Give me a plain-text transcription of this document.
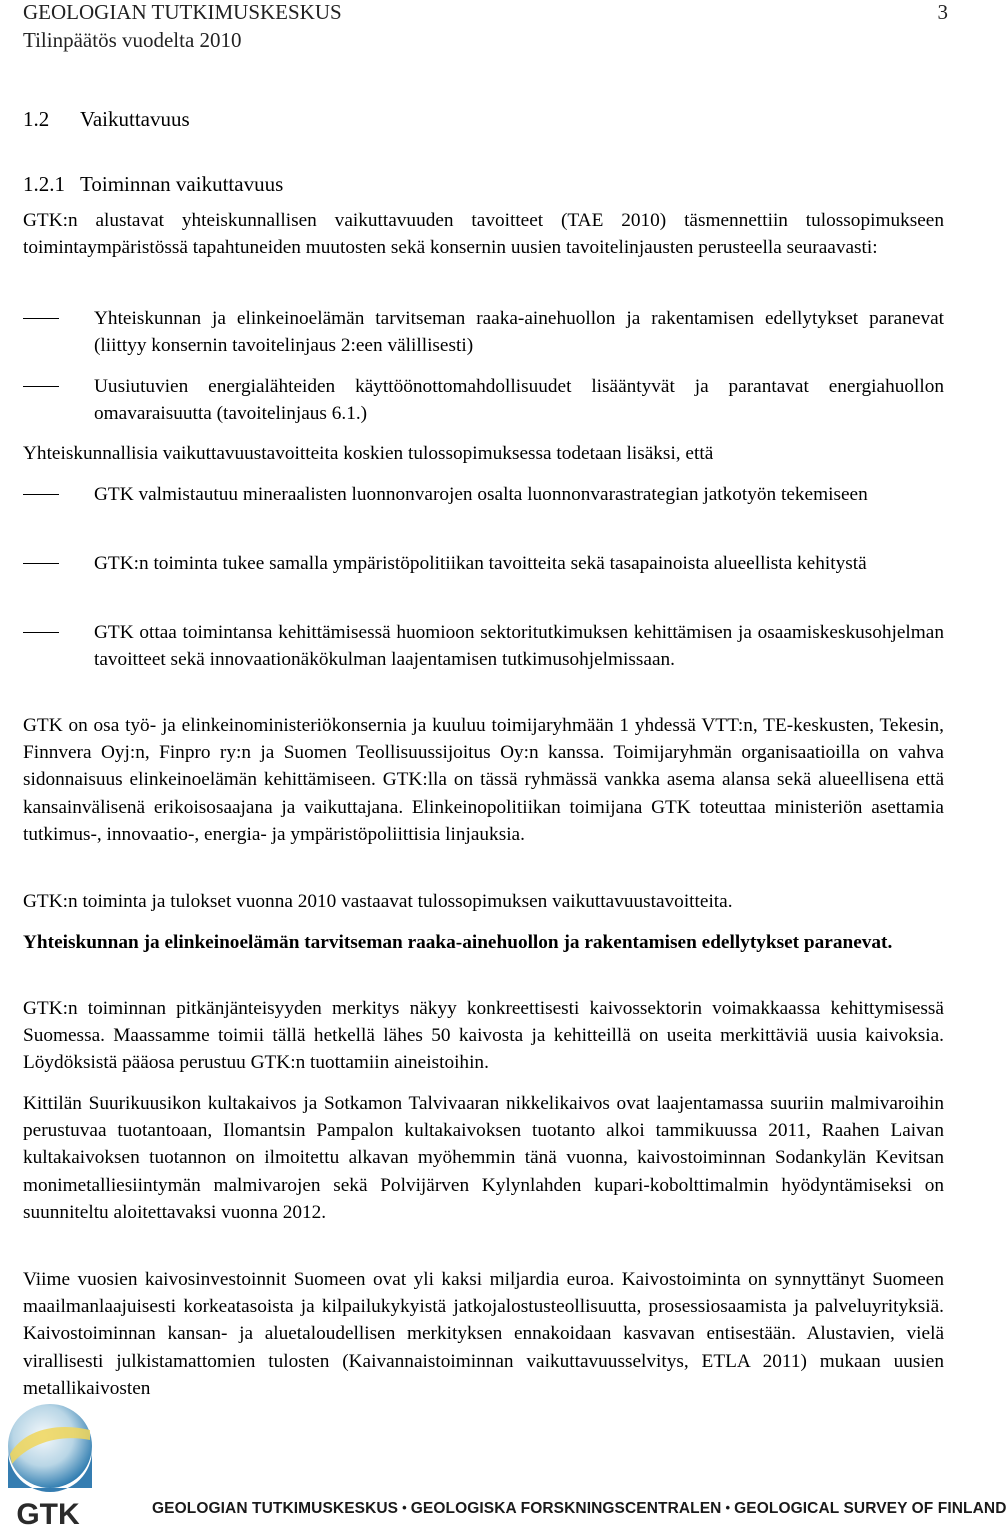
GEOLOGIAN TUTKIMUSKESKUS
Tilinpäätös vuodelta 2010
3
1.2 Vaikuttavuus
1.2.1 Toiminnan vaikuttavuus

GTK:n alustavat yhteiskunnallisen vaikuttavuuden tavoitteet (TAE 2010) täsmennettiin tulossopimukseen toimintaympäristössä tapahtuneiden muutosten sekä konsernin uusien tavoitelinjausten perusteella seuraavasti:

Yhteiskunnan ja elinkeinoelämän tarvitseman raaka-ainehuollon ja rakentamisen edellytykset paranevat (liittyy konsernin tavoitelinjaus 2:een välillisesti)

Uusiutuvien energialähteiden käyttöönottomahdollisuudet lisääntyvät ja parantavat energiahuollon omavaraisuutta (tavoitelinjaus 6.1.)

Yhteiskunnallisia vaikuttavuustavoitteita koskien tulossopimuksessa todetaan lisäksi, että

GTK valmistautuu mineraalisten luonnonvarojen osalta luonnonvarastrategian jatkotyön tekemiseen

GTK:n toiminta tukee samalla ympäristöpolitiikan tavoitteita sekä tasapainoista alueellista kehitystä

GTK ottaa toimintansa kehittämisessä huomioon sektoritutkimuksen kehittämisen ja osaamiskeskusohjelman tavoitteet sekä innovaationäkökulman laajentamisen tutkimusohjelmissaan.

GTK on osa työ- ja elinkeinoministeriökonsernia ja kuuluu toimijaryhmään 1 yhdessä VTT:n, TE-keskusten, Tekesin, Finnvera Oyj:n, Finpro ry:n ja Suomen Teollisuussijoitus Oy:n kanssa. Toimijaryhmän organisaatioilla on vahva sidonnaisuus elinkeinoelämän kehittämiseen. GTK:lla on tässä ryhmässä vankka asema alansa sekä alueellisena että kansainvälisenä erikoisosaajana ja vaikuttajana. Elinkeinopolitiikan toimijana GTK toteuttaa ministeriön asettamia tutkimus-, innovaatio-, energia- ja ympäristöpoliittisia linjauksia.

GTK:n toiminta ja tulokset vuonna 2010 vastaavat tulossopimuksen vaikuttavuustavoitteita.

Yhteiskunnan ja elinkeinoelämän tarvitseman raaka-ainehuollon ja rakentamisen edellytykset paranevat.

GTK:n toiminnan pitkänjänteisyyden merkitys näkyy konkreettisesti kaivossektorin voimakkaassa kehittymisessä Suomessa. Maassamme toimii tällä hetkellä lähes 50 kaivosta ja kehitteillä on useita merkittäviä uusia kaivoksia. Löydöksistä pääosa perustuu GTK:n tuottamiin aineistoihin.

Kittilän Suurikuusikon kultakaivos ja Sotkamon Talvivaaran nikkelikaivos ovat laajentamassa suuriin malmivaroihin perustuvaa tuotantoaan, Ilomantsin Pampalon kultakaivoksen tuotanto alkoi tammikuussa 2011, Raahen Laivan kultakaivoksen tuotannon on ilmoitettu alkavan myöhemmin tänä vuonna, kaivostoiminnan Sodankylän Kevitsan monimetalliesiintymän malmivarojen sekä Polvijärven Kylynlahden kupari-kobolttimalmin hyödyntämiseksi on suunniteltu aloitettavaksi vuonna 2012.

Viime vuosien kaivosinvestoinnit Suomeen ovat yli kaksi miljardia euroa. Kaivostoiminta on synnyttänyt Suomeen maailmanlaajuisesti korkeatasoista ja kilpailukykyistä jatkojalostusteollisuutta, prosessiosaamista ja palveluyrityksiä. Kaivostoiminnan kansan- ja aluetaloudellisen merkityksen ennakoidaan kasvavan entisestään. Alustavien, vielä virallisesti julkistamattomien tulosten (Kaivannaistoiminnan vaikuttavuusselvitys, ETLA 2011) mukaan uusien metallikaivosten

GTK	GEOLOGIAN TUTKIMUSKESKUS • GEOLOGISKA FORSKNINGSCENTRALEN • GEOLOGICAL SURVEY OF FINLAND
